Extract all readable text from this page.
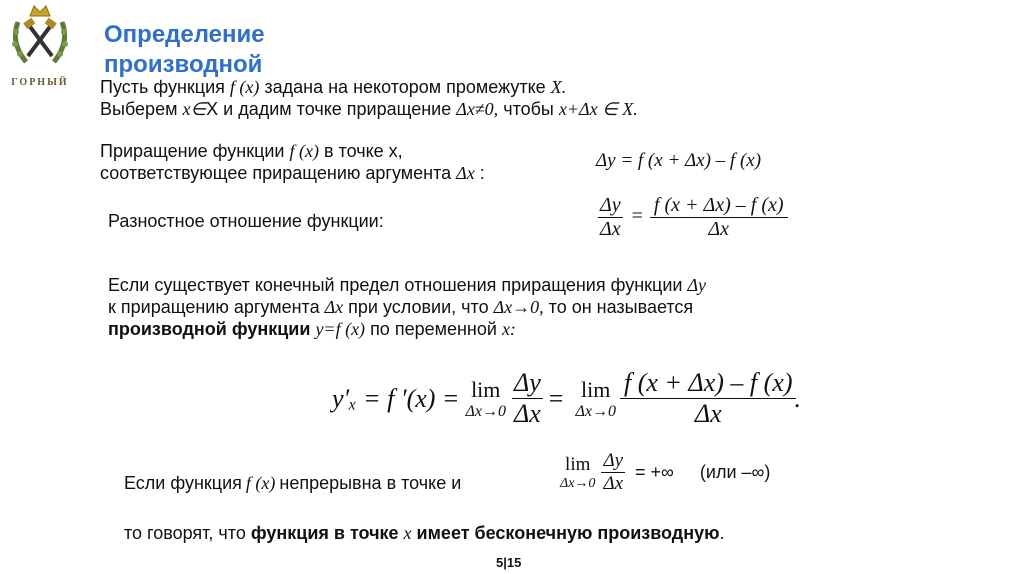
ГОРНЫЙ
Определение
производной
Пусть функция f (x) задана на некотором промежутке X.
Выберем x∈X и дадим точке приращение Δx≠0, чтобы x+Δx ∈ X.
Приращение функции f (x) в точке x,
соответствующее приращению аргумента Δx :
Δy = f (x + Δx) – f (x)
Разностное отношение функции:	$\frac{\Delta y}{\Delta x} = \frac{f (x + \Delta x) - f (x)}{\Delta x}$
Если существует конечный предел отношения приращения функции Δy
к приращению аргумента Δx при условии, что Δx→0, то он называется
производной функции y=f (x) по переменной x:
y′ₓ = f ′(x) = lim
$\Delta x\to 0 \frac{\Delta y}{\Delta x} = \lim$
$\Delta x\to 0 \frac{f (x + \Delta x) - f (x)}{\Delta x}$ .
Если функция f (x) непрерывна в точке и
lim
$\Delta x\to 0 \frac{\Delta y}{\Delta x}$ = +∞ (или –∞)
то говорят, что функция в точке x имеет бесконечную производную.
5|15
